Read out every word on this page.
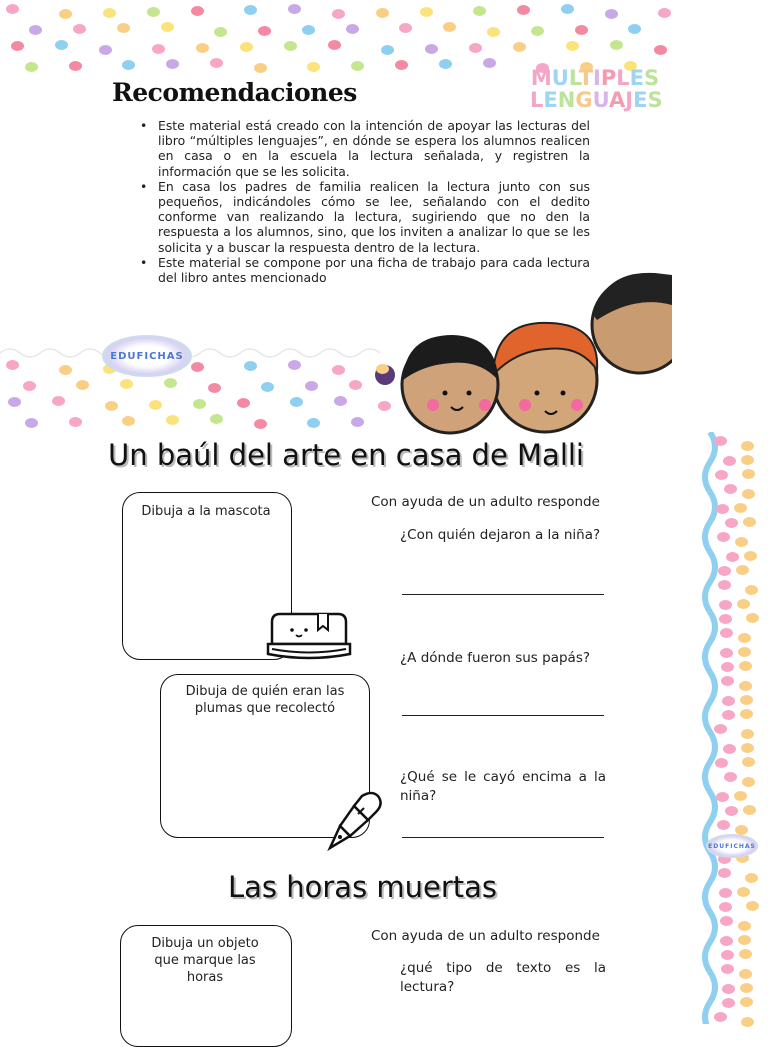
Recomendaciones	MULTIPLES
LENGUAJES
• Este material está creado con la intención de apoyar las lecturas del libro “múltiples lenguajes”, en dónde se espera los alumnos realicen en casa o en la escuela la lectura señalada, y registren la información que se les solicita.
• En casa los padres de familia realicen la lectura junto con sus pequeños, indicándoles cómo se lee, señalando con el dedito conforme van realizando la lectura, sugiriendo que no den la respuesta a los alumnos, sino, que los inviten a analizar lo que se les solicita y a buscar la respuesta dentro de la lectura.
• Este material se compone por una ficha de trabajo para cada lectura del libro antes mencionado
EDUFICHAS
EDUFICHAS
Un baúl del arte en casa de Malli
Dibuja a la mascota
Dibuja de quién eran las plumas que recolectó
Con ayuda de un adulto responde
¿Con quién dejaron a la niña?
¿A dónde fueron sus papás?
¿Qué se le cayó encima a la niña?
Las horas muertas
Dibuja un objeto que marque las horas
Con ayuda de un adulto responde
¿qué tipo de texto es la lectura?
